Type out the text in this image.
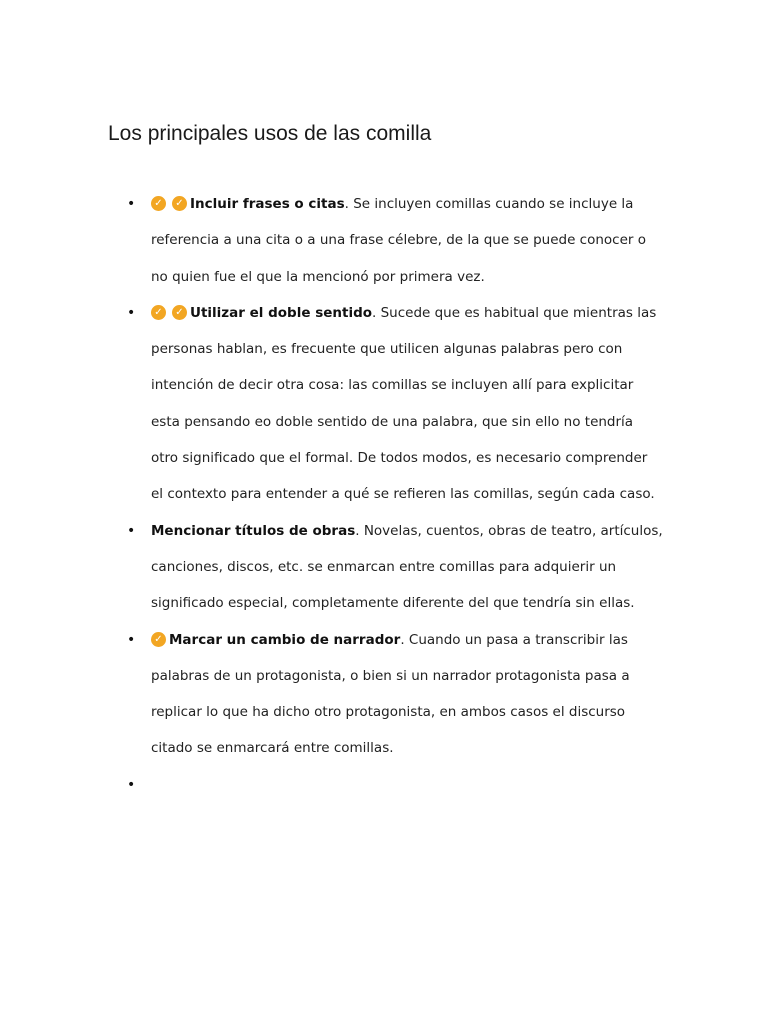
Los principales usos de las comilla
• ✓ ✓ Incluir frases o citas. Se incluyen comillas cuando se incluye la referencia a una cita o a una frase célebre, de la que se puede conocer o no quien fue el que la mencionó por primera vez.
• ✓ ✓ Utilizar el doble sentido. Sucede que es habitual que mientras las personas hablan, es frecuente que utilicen algunas palabras pero con intención de decir otra cosa: las comillas se incluyen allí para explicitar esta pensando eo doble sentido de una palabra, que sin ello no tendría otro significado que el formal. De todos modos, es necesario comprender el contexto para entender a qué se refieren las comillas, según cada caso.
• Mencionar títulos de obras. Novelas, cuentos, obras de teatro, artículos, canciones, discos, etc. se enmarcan entre comillas para adquierir un significado especial, completamente diferente del que tendría sin ellas.
• ✓ Marcar un cambio de narrador. Cuando un pasa a transcribir las palabras de un protagonista, o bien si un narrador protagonista pasa a replicar lo que ha dicho otro protagonista, en ambos casos el discurso citado se enmarcará entre comillas.
•
